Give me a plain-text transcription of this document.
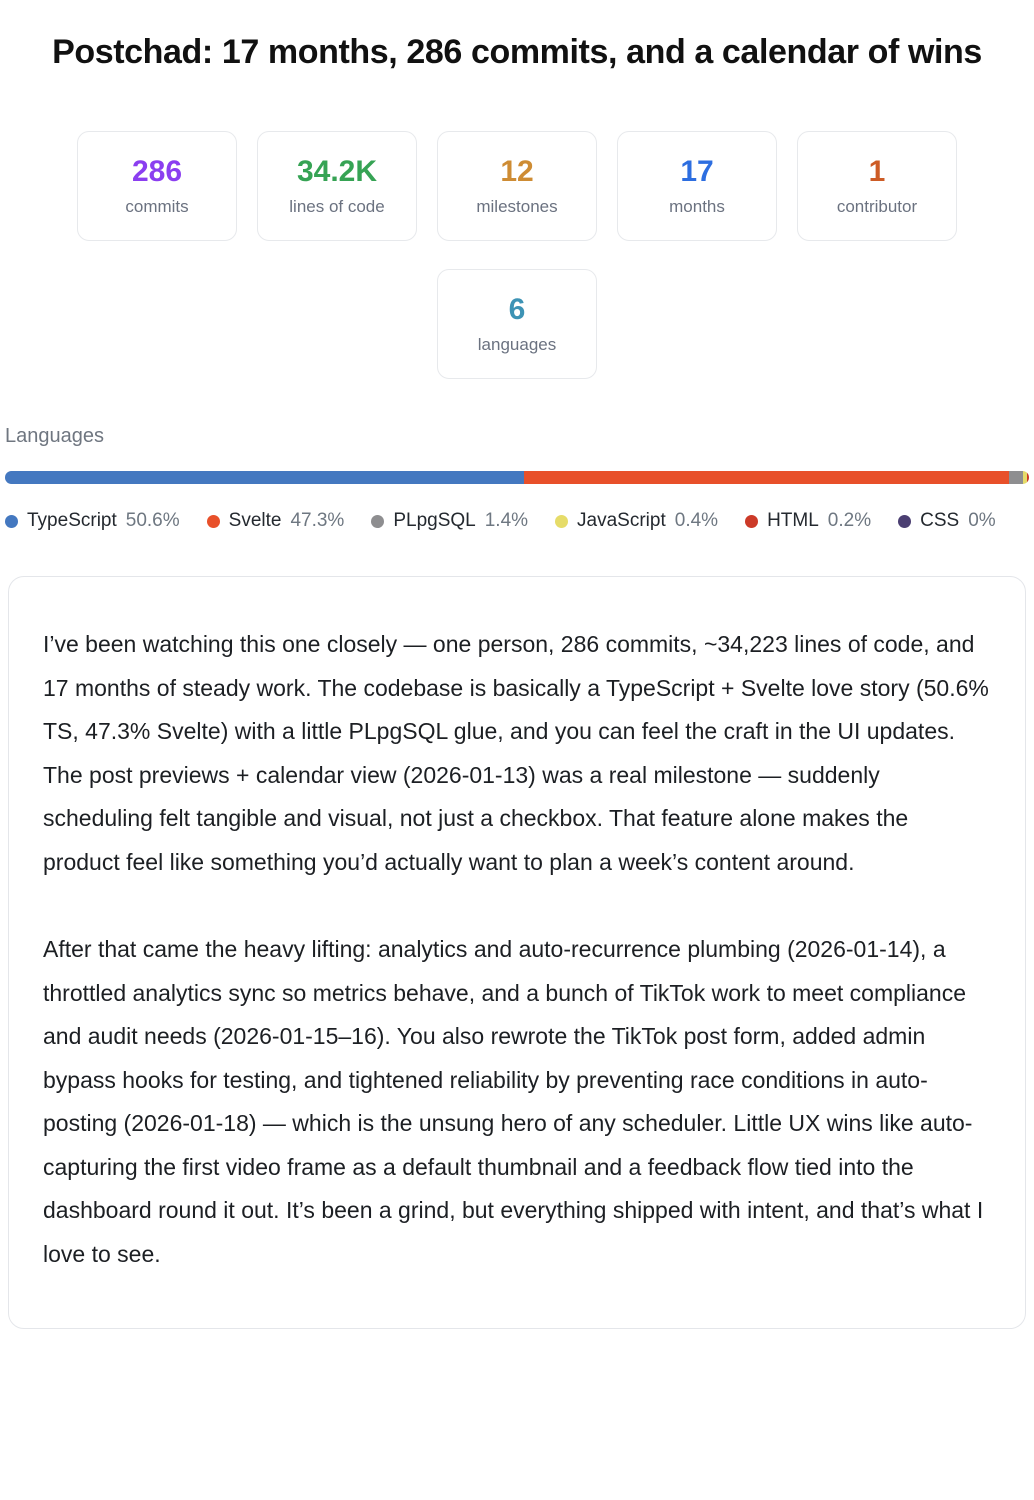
Postchad: 17 months, 286 commits, and a calendar of wins
286
commits
34.2K
lines of code
12
milestones
17
months
1
contributor
6
languages
Languages
TypeScript 50.6%	Svelte 47.3%	PLpgSQL 1.4%	JavaScript 0.4%	HTML 0.2%	CSS 0%

I’ve been watching this one closely — one person, 286 commits, ~34,223 lines of code, and 17 months of steady work. The codebase is basically a TypeScript + Svelte love story (50.6% TS, 47.3% Svelte) with a little PLpgSQL glue, and you can feel the craft in the UI updates. The post previews + calendar view (2026-01-13) was a real milestone — suddenly scheduling felt tangible and visual, not just a checkbox. That feature alone makes the product feel like something you’d actually want to plan a week’s content around.

After that came the heavy lifting: analytics and auto-recurrence plumbing (2026-01-14), a throttled analytics sync so metrics behave, and a bunch of TikTok work to meet compliance and audit needs (2026-01-15–16). You also rewrote the TikTok post form, added admin bypass hooks for testing, and tightened reliability by preventing race conditions in auto-posting (2026-01-18) — which is the unsung hero of any scheduler. Little UX wins like auto-capturing the first video frame as a default thumbnail and a feedback flow tied into the dashboard round it out. It’s been a grind, but everything shipped with intent, and that’s what I love to see.
